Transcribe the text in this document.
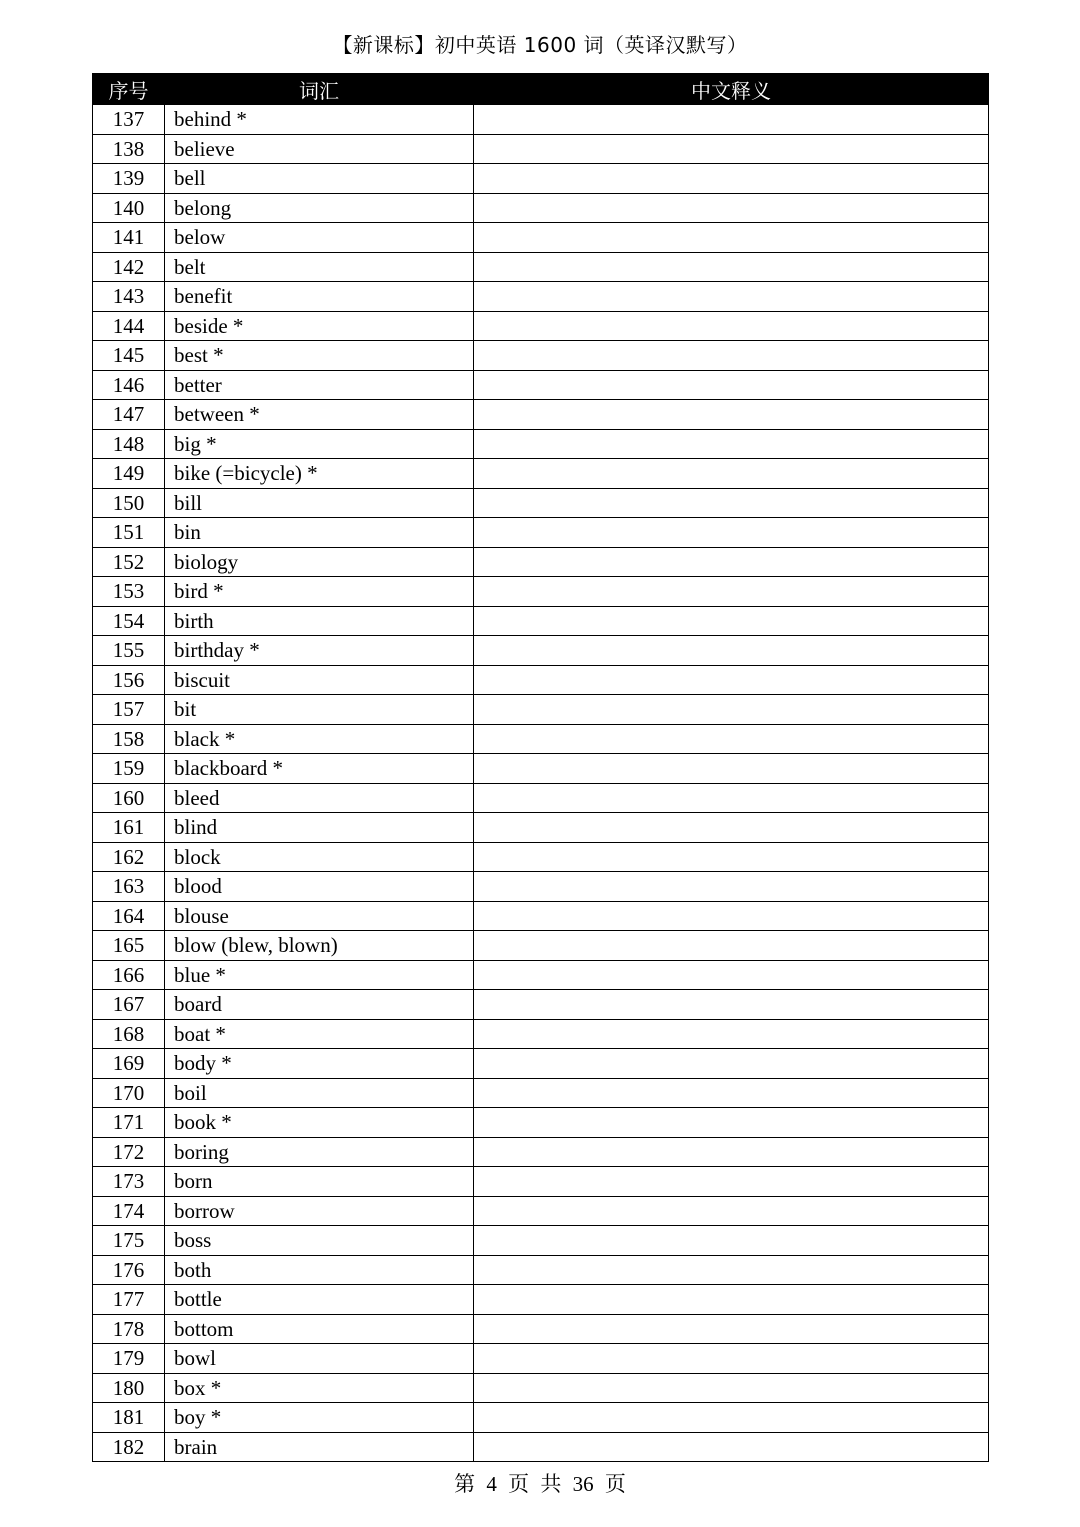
【新课标】初中英语 1600 词（英译汉默写）
序号	词汇	中文释义
137	behind *	
138	believe	
139	bell	
140	belong	
141	below	
142	belt	
143	benefit	
144	beside *	
145	best *	
146	better	
147	between *	
148	big *	
149	bike (=bicycle) *	
150	bill	
151	bin	
152	biology	
153	bird *	
154	birth	
155	birthday *	
156	biscuit	
157	bit	
158	black *	
159	blackboard *	
160	bleed	
161	blind	
162	block	
163	blood	
164	blouse	
165	blow (blew, blown)	
166	blue *	
167	board	
168	boat *	
169	body *	
170	boil	
171	book *	
172	boring	
173	born	
174	borrow	
175	boss	
176	both	
177	bottle	
178	bottom	
179	bowl	
180	box *	
181	boy *	
182	brain	
第 4 页 共 36 页
